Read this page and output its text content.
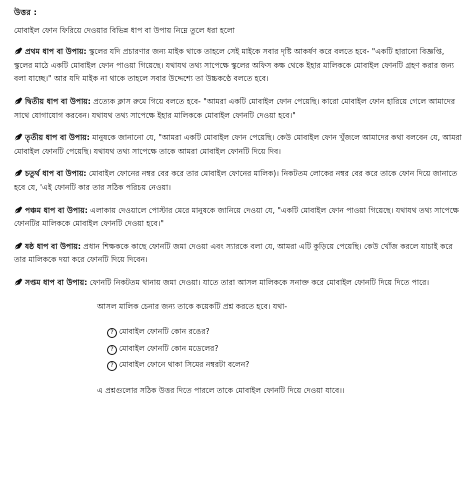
উত্তর :
মোবাইল ফোন ফিরিয়ে দেওয়ার বিভিন্ন ধাপ বা উপায় নিম্নে তুলে ধরা হলো
প্রথম ধাপ বা উপায়: স্কুলের যদি প্রচারণার জন্য মাইক থাকে তাহলে সেই মাইকে সবার দৃষ্টি আকর্ষণ করে বলতে হবে- "একটি হারানো বিজ্ঞপ্তি, স্কুলের মাঠে একটি মোবাইল ফোন পাওয়া গিয়েছে। যথাযথ তথ্য সাপেক্ষে স্কুলের অফিস কক্ষ থেকে ইহার মালিককে মোবাইল ফোনটি গ্রহণ করার জন্য বলা যাচ্ছে।" আর যদি মাইক না থাকে তাহলে সবার উদ্দেশ্যে তা উচ্চকণ্ঠে বলতে হবে।
দ্বিতীয় ধাপ বা উপায়: প্রত্যেক ক্লাস রুমে গিয়ে বলতে হবে- "আমরা একটি মোবাইল ফোন পেয়েছি। কারো মোবাইল ফোন হারিয়ে গেলে আমাদের সাথে যোগাযোগ করবেন। যথাযথ তথ্য সাপেক্ষে ইহার মালিককে মোবাইল ফোনটি দেওয়া হবে।"
তৃতীয় ধাপ বা উপায়: মানুষকে জানানো যে, "আমরা একটি মোবাইল ফোন পেয়েছি। কেউ মোবাইল ফোন খুঁজলে আমাদের কথা বলবেন যে, আমরা মোবাইল ফোনটি পেয়েছি। যথাযথ তথ্য সাপেক্ষে তাকে আমরা মোবাইল ফোনটি দিয়ে দিব।
চতুর্থ ধাপ বা উপায়: মোবাইল ফোনের নম্বর বের করে তার মোবাইল ফোনের মালিক)। নিকটতম লোকের নম্বর বের করে তাকে ফোন দিয়ে জানাতে হবে যে, 'এই ফোনটি কার তার সঠিক পরিচয় নেওয়া।
পঞ্চম ধাপ বা উপায়: এলাকায় দেওয়ালে পোস্টার মেরে মানুষকে জানিয়ে দেওয়া যে, "একটি মোবাইল ফোন পাওয়া গিয়েছে। যথাযথ তথ্য সাপেক্ষে ফোনটির মালিককে মোবাইল ফোনটি দেওয়া হবে।"
ষষ্ঠ ধাপ বা উপায়: প্রধান শিক্ষককে কাছে ফোনটি জমা দেওয়া এবং স্যারকে বলা যে, আমরা এটি কুড়িয়ে পেয়েছি। কেউ খোঁজ করলে যাচাই করে তার মালিককে দয়া করে ফোনটি দিয়ে দিবেন।
সপ্তম ধাপ বা উপায়: ফোনটি নিকটতম থানায় জমা দেওয়া। যাতে তারা আসল মালিককে সনাক্ত করে মোবাইল ফোনটি দিয়ে দিতে পারে।
আসল মালিক চেনার জন্য তাকে কয়েকটি প্রশ্ন করতে হবে। যথা-
? মোবাইল ফোনটি কোন রঙের?
? মোবাইল ফোনটি কোন মডেলের?
? মোবাইল ফোনে থাকা সিমের নম্বরটা বলেন?
এ প্রশ্নগুলোর সঠিক উত্তর দিতে পারলে তাকে মোবাইল ফোনটি দিয়ে দেওয়া যাবে।।
